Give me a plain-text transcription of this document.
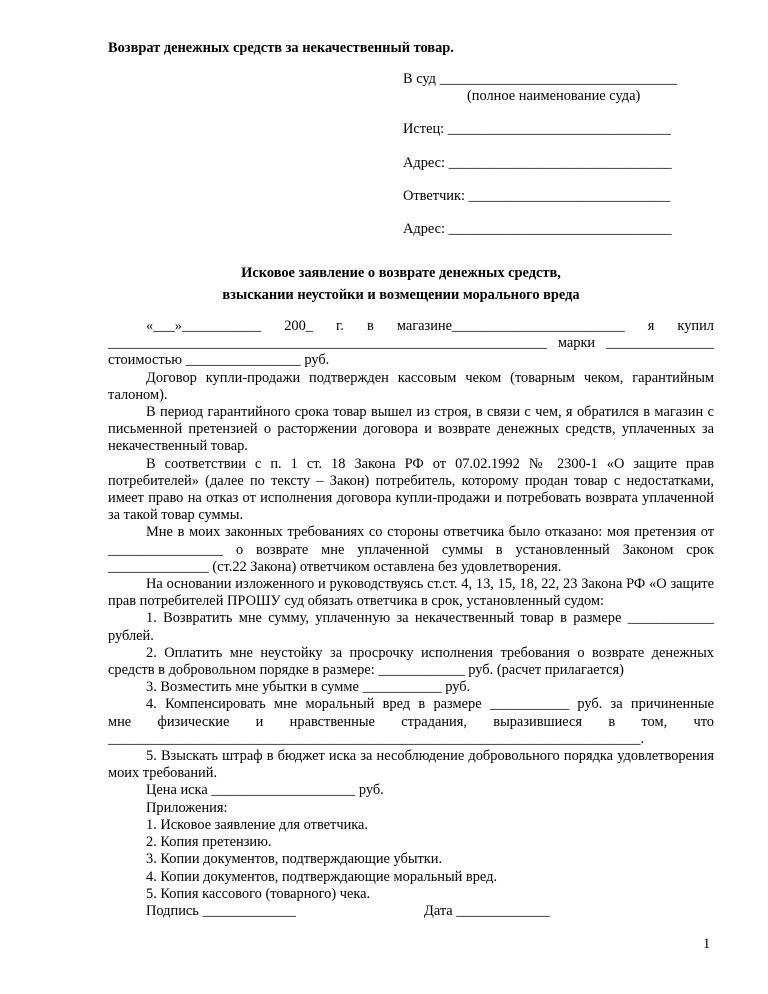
Возврат денежных средств за некачественный товар.
В суд _________________________________
(полное наименование суда)
Истец: _______________________________
Адрес: _______________________________
Ответчик: ____________________________
Адрес: _______________________________
Исковое заявление о возврате денежных средств,
взыскании неустойки и возмещении морального вреда
«___»___________ 200_ г. в магазине________________________ я купил
_____________________________________________________________ марки _______________
стоимостью ________________ руб.
Договор купли-продажи подтвержден кассовым чеком (товарным чеком, гарантийным талоном).
В период гарантийного срока товар вышел из строя, в связи с чем, я обратился в магазин с письменной претензией о расторжении договора и возврате денежных средств, уплаченных за некачественный товар.
В соответствии с п. 1 ст. 18 Закона РФ от 07.02.1992 № 2300-1 «О защите прав потребителей» (далее по тексту – Закон) потребитель, которому продан товар с недостатками, имеет право на отказ от исполнения договора купли-продажи и потребовать возврата уплаченной за такой товар суммы.
Мне в моих законных требованиях со стороны ответчика было отказано: моя претензия от ________________ о возврате мне уплаченной суммы в установленный Законом срок ______________ (ст.22 Закона) ответчиком оставлена без удовлетворения.
На основании изложенного и руководствуясь ст.ст. 4, 13, 15, 18, 22, 23 Закона РФ «О защите прав потребителей ПРОШУ суд обязать ответчика в срок, установленный судом:
1. Возвратить мне сумму, уплаченную за некачественный товар в размере ____________ рублей.
2. Оплатить мне неустойку за просрочку исполнения требования о возврате денежных средств в добровольном порядке в размере: ____________ руб. (расчет прилагается)
3. Возместить мне убытки в сумме ___________ руб.
4. Компенсировать мне моральный вред в размере ___________ руб. за причиненные
мне физические и нравственные страдания, выразившиеся в том, что
__________________________________________________________________________.
5. Взыскать штраф в бюджет иска за несоблюдение добровольного порядка удовлетворения моих требований.
Цена иска ____________________ руб.
Приложения:
1. Исковое заявление для ответчика.
2. Копия претензию.
3. Копии документов, подтверждающие убытки.
4. Копии документов, подтверждающие моральный вред.
5. Копия кассового (товарного) чека.
Подпись _____________	Дата _____________
1
